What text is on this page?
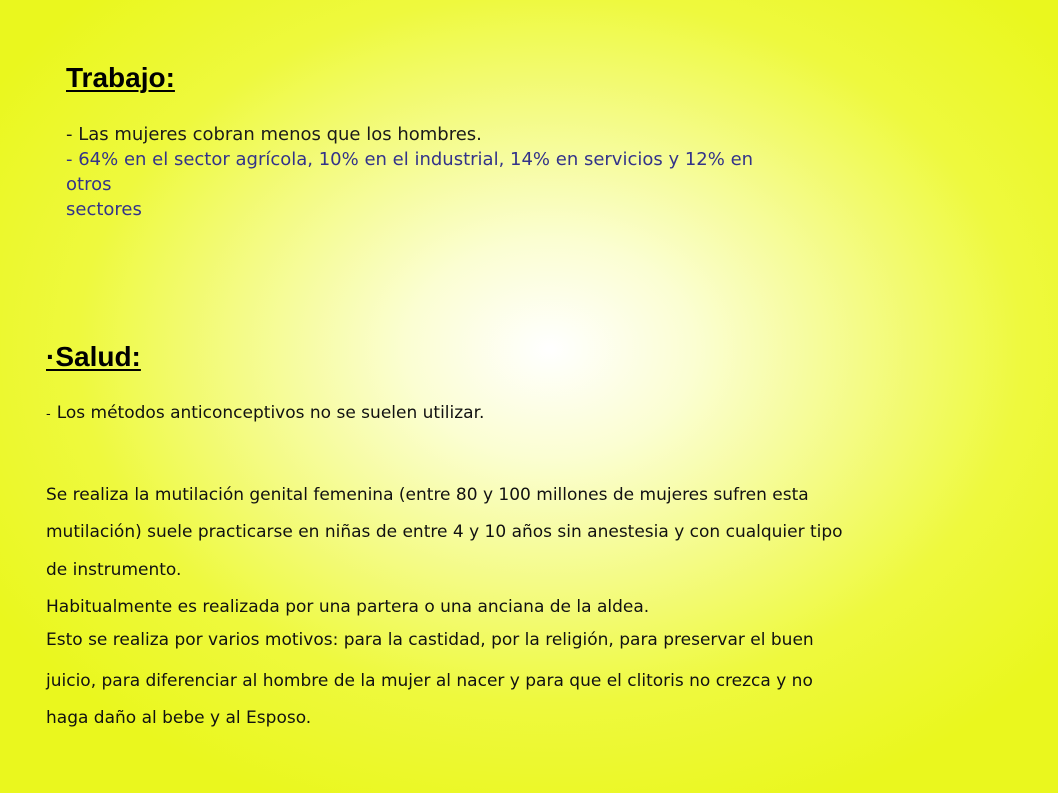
Trabajo:
- Las mujeres cobran menos que los hombres.
- 64% en el sector agrícola, 10% en el industrial, 14% en servicios y 12% en
otros
sectores
·Salud:
- Los métodos anticonceptivos no se suelen utilizar.
Se realiza la mutilación genital femenina (entre 80 y 100 millones de mujeres sufren esta
mutilación) suele practicarse en niñas de entre 4 y 10 años sin anestesia y con cualquier tipo
de instrumento.
Habitualmente es realizada por una partera o una anciana de la aldea.
Esto se realiza por varios motivos: para la castidad, por la religión, para preservar el buen
juicio, para diferenciar al hombre de la mujer al nacer y para que el clitoris no crezca y no
haga daño al bebe y al Esposo.
